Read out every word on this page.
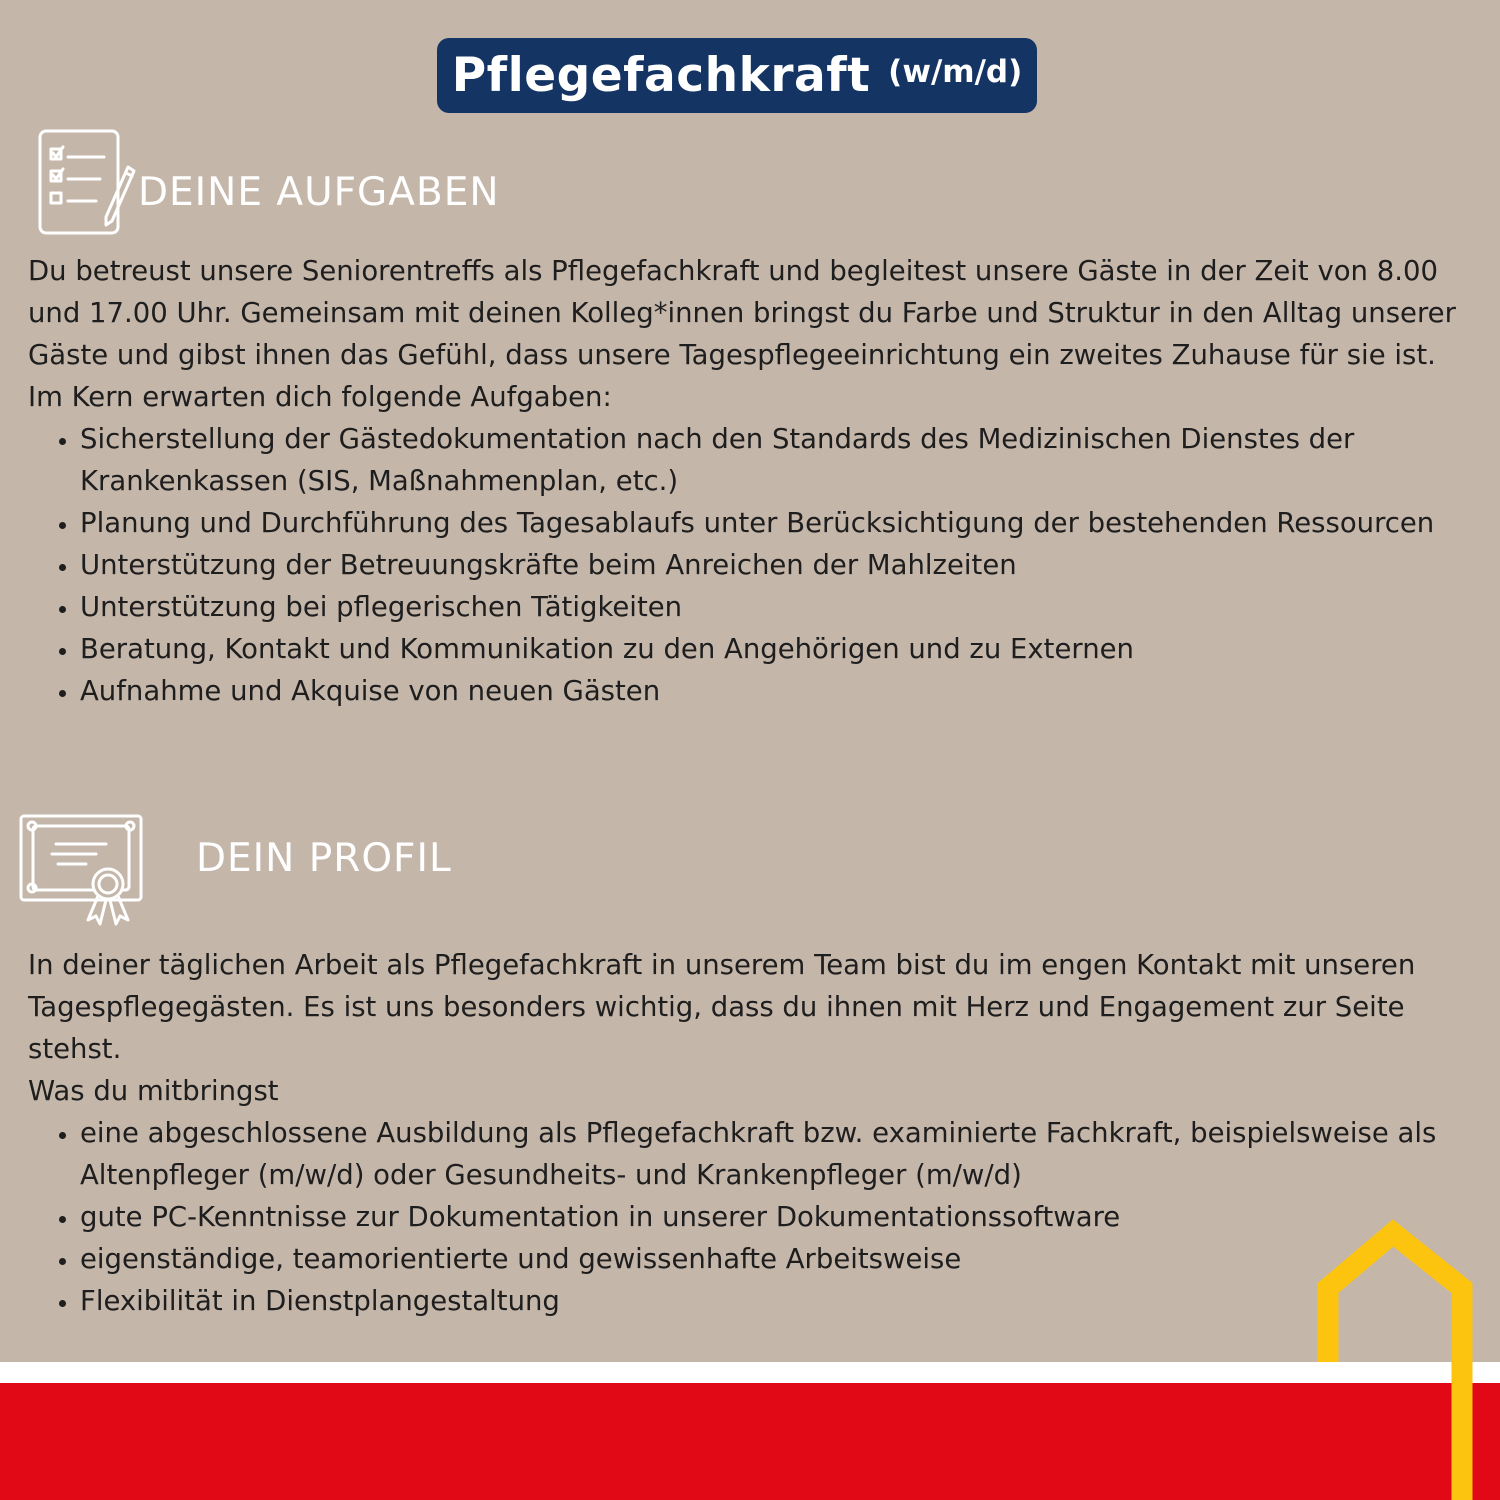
Pflegefachkraft (w/m/d)
DEINE AUFGABEN

Du betreust unsere Seniorentreffs als Pflegefachkraft und begleitest unsere Gäste in der Zeit von 8.00 und 17.00 Uhr. Gemeinsam mit deinen Kolleg*innen bringst du Farbe und Struktur in den Alltag unserer Gäste und gibst ihnen das Gefühl, dass unsere Tagespflegeeinrichtung ein zweites Zuhause für sie ist.

Im Kern erwarten dich folgende Aufgaben:

• Sicherstellung der Gästedokumentation nach den Standards des Medizinischen Dienstes der Krankenkassen (SIS, Maßnahmenplan, etc.)
• Planung und Durchführung des Tagesablaufs unter Berücksichtigung der bestehenden Ressourcen
• Unterstützung der Betreuungskräfte beim Anreichen der Mahlzeiten
• Unterstützung bei pflegerischen Tätigkeiten
• Beratung, Kontakt und Kommunikation zu den Angehörigen und zu Externen
• Aufnahme und Akquise von neuen Gästen
DEIN PROFIL

In deiner täglichen Arbeit als Pflegefachkraft in unserem Team bist du im engen Kontakt mit unseren Tagespflegegästen. Es ist uns besonders wichtig, dass du ihnen mit Herz und Engagement zur Seite stehst.

Was du mitbringst

• eine abgeschlossene Ausbildung als Pflegefachkraft bzw. examinierte Fachkraft, beispielsweise als Altenpfleger (m/w/d) oder Gesundheits- und Krankenpfleger (m/w/d)
• gute PC-Kenntnisse zur Dokumentation in unserer Dokumentationssoftware
• eigenständige, teamorientierte und gewissenhafte Arbeitsweise
• Flexibilität in Dienstplangestaltung
